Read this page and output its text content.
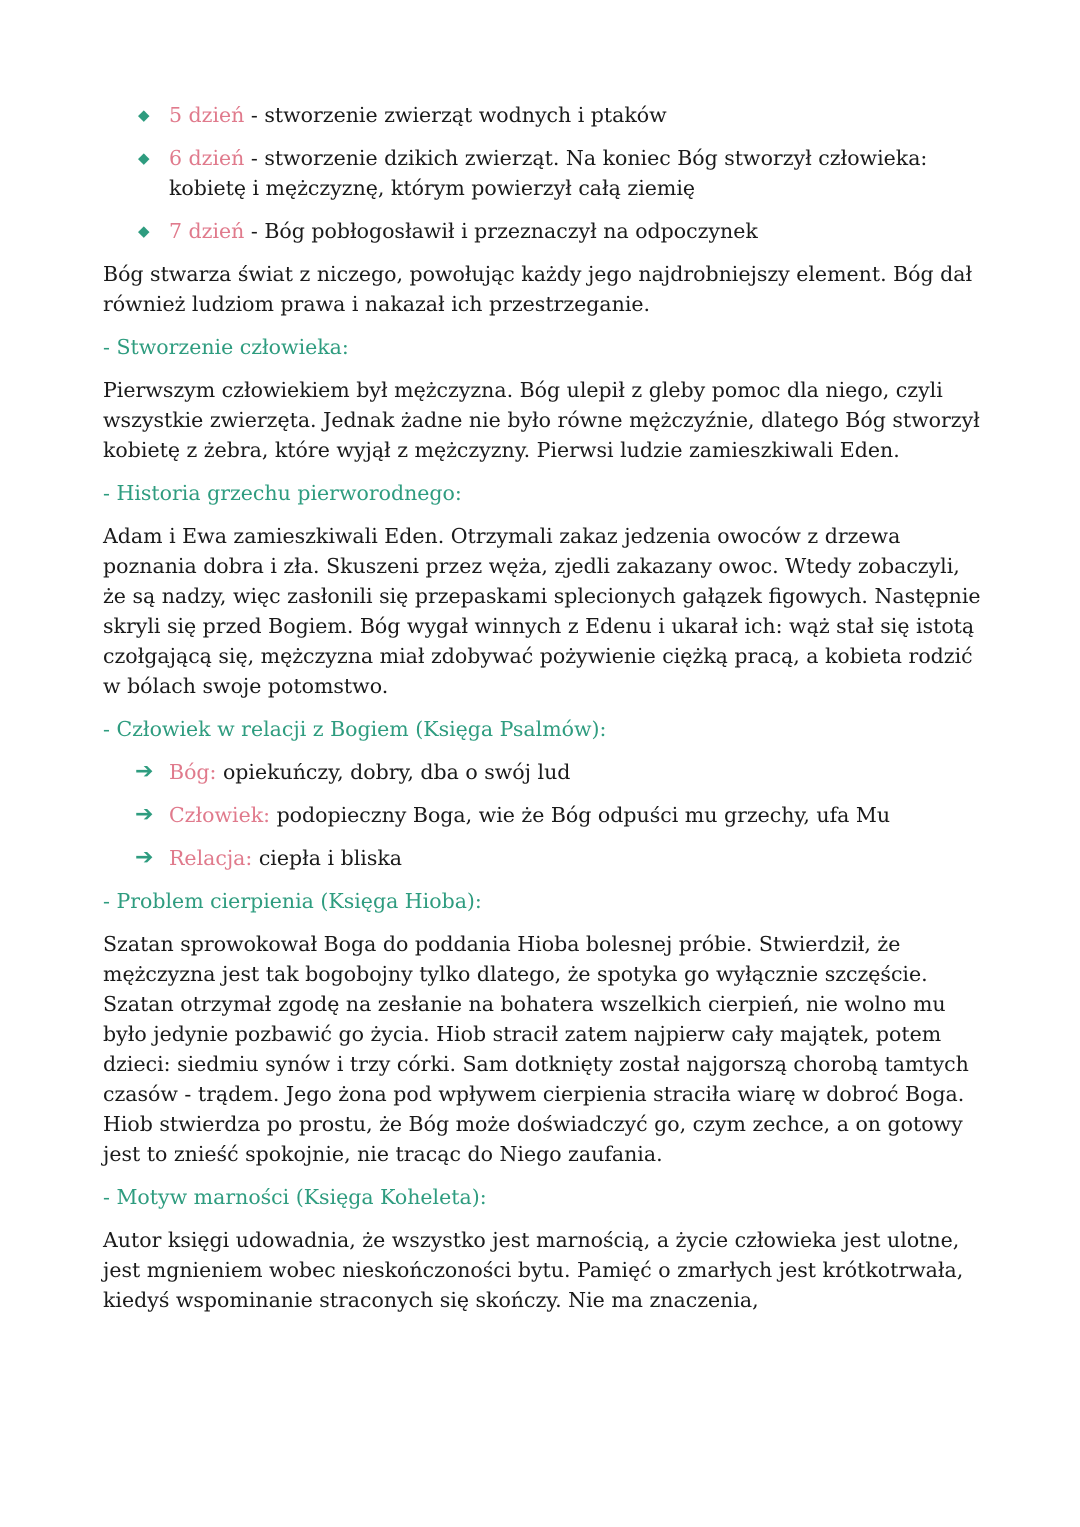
◆ 5 dzień - stworzenie zwierząt wodnych i ptaków
◆ 6 dzień - stworzenie dzikich zwierząt. Na koniec Bóg stworzył człowieka: kobietę i mężczyznę, którym powierzył całą ziemię
◆ 7 dzień - Bóg pobłogosławił i przeznaczył na odpoczynek

Bóg stwarza świat z niczego, powołując każdy jego najdrobniejszy element. Bóg dał również ludziom prawa i nakazał ich przestrzeganie.

- Stworzenie człowieka:

Pierwszym człowiekiem był mężczyzna. Bóg ulepił z gleby pomoc dla niego, czyli wszystkie zwierzęta. Jednak żadne nie było równe mężczyźnie, dlatego Bóg stworzył kobietę z żebra, które wyjął z mężczyzny. Pierwsi ludzie zamieszkiwali Eden.

- Historia grzechu pierworodnego:

Adam i Ewa zamieszkiwali Eden. Otrzymali zakaz jedzenia owoców z drzewa poznania dobra i zła. Skuszeni przez węża, zjedli zakazany owoc. Wtedy zobaczyli, że są nadzy, więc zasłonili się przepaskami splecionych gałązek figowych. Następnie skryli się przed Bogiem. Bóg wygał winnych z Edenu i ukarał ich: wąż stał się istotą czołgającą się, mężczyzna miał zdobywać pożywienie ciężką pracą, a kobieta rodzić w bólach swoje potomstwo.

- Człowiek w relacji z Bogiem (Księga Psalmów):
➔ Bóg: opiekuńczy, dobry, dba o swój lud
➔ Człowiek: podopieczny Boga, wie że Bóg odpuści mu grzechy, ufa Mu
➔ Relacja: ciepła i bliska
- Problem cierpienia (Księga Hioba):

Szatan sprowokował Boga do poddania Hioba bolesnej próbie. Stwierdził, że mężczyzna jest tak bogobojny tylko dlatego, że spotyka go wyłącznie szczęście. Szatan otrzymał zgodę na zesłanie na bohatera wszelkich cierpień, nie wolno mu było jedynie pozbawić go życia. Hiob stracił zatem najpierw cały majątek, potem dzieci: siedmiu synów i trzy córki. Sam dotknięty został najgorszą chorobą tamtych czasów - trądem. Jego żona pod wpływem cierpienia straciła wiarę w dobroć Boga. Hiob stwierdza po prostu, że Bóg może doświadczyć go, czym zechce, a on gotowy jest to znieść spokojnie, nie tracąc do Niego zaufania.

- Motyw marności (Księga Koheleta):

Autor księgi udowadnia, że wszystko jest marnością, a życie człowieka jest ulotne, jest mgnieniem wobec nieskończoności bytu. Pamięć o zmarłych jest krótkotrwała, kiedyś wspominanie straconych się skończy. Nie ma znaczenia,
